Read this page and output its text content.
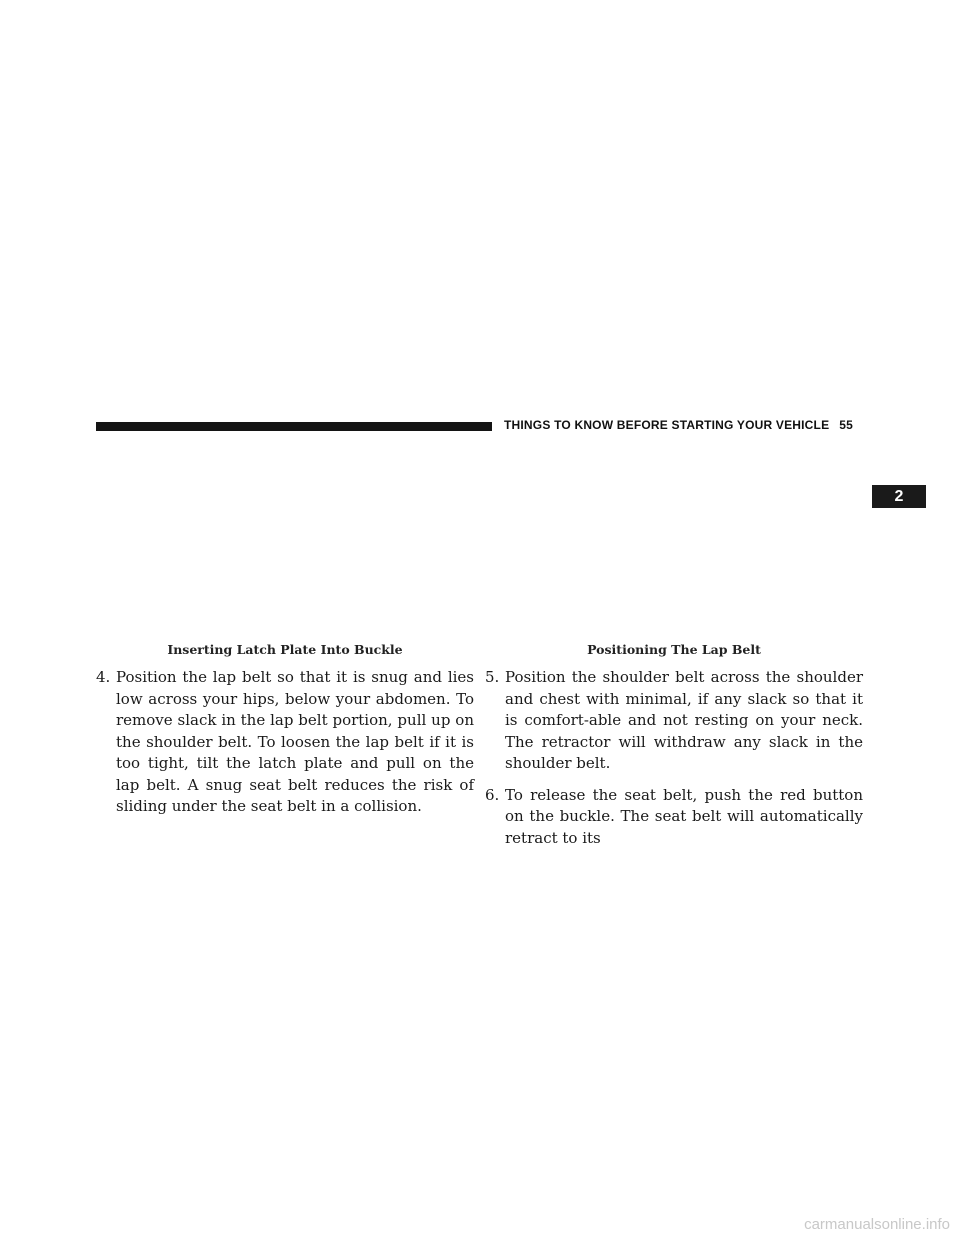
THINGS TO KNOW BEFORE STARTING YOUR VEHICLE 55
2
Inserting Latch Plate Into Buckle

4. Position the lap belt so that it is snug and lies low across your hips, below your abdomen. To remove slack in the lap belt portion, pull up on the shoulder belt. To loosen the lap belt if it is too tight, tilt the latch plate and pull on the lap belt. A snug seat belt reduces the risk of sliding under the seat belt in a collision.

Positioning The Lap Belt

5. Position the shoulder belt across the shoulder and chest with minimal, if any slack so that it is comfort-able and not resting on your neck. The retractor will withdraw any slack in the shoulder belt.

6. To release the seat belt, push the red button on the buckle. The seat belt will automatically retract to its

carmanualsonline.info
